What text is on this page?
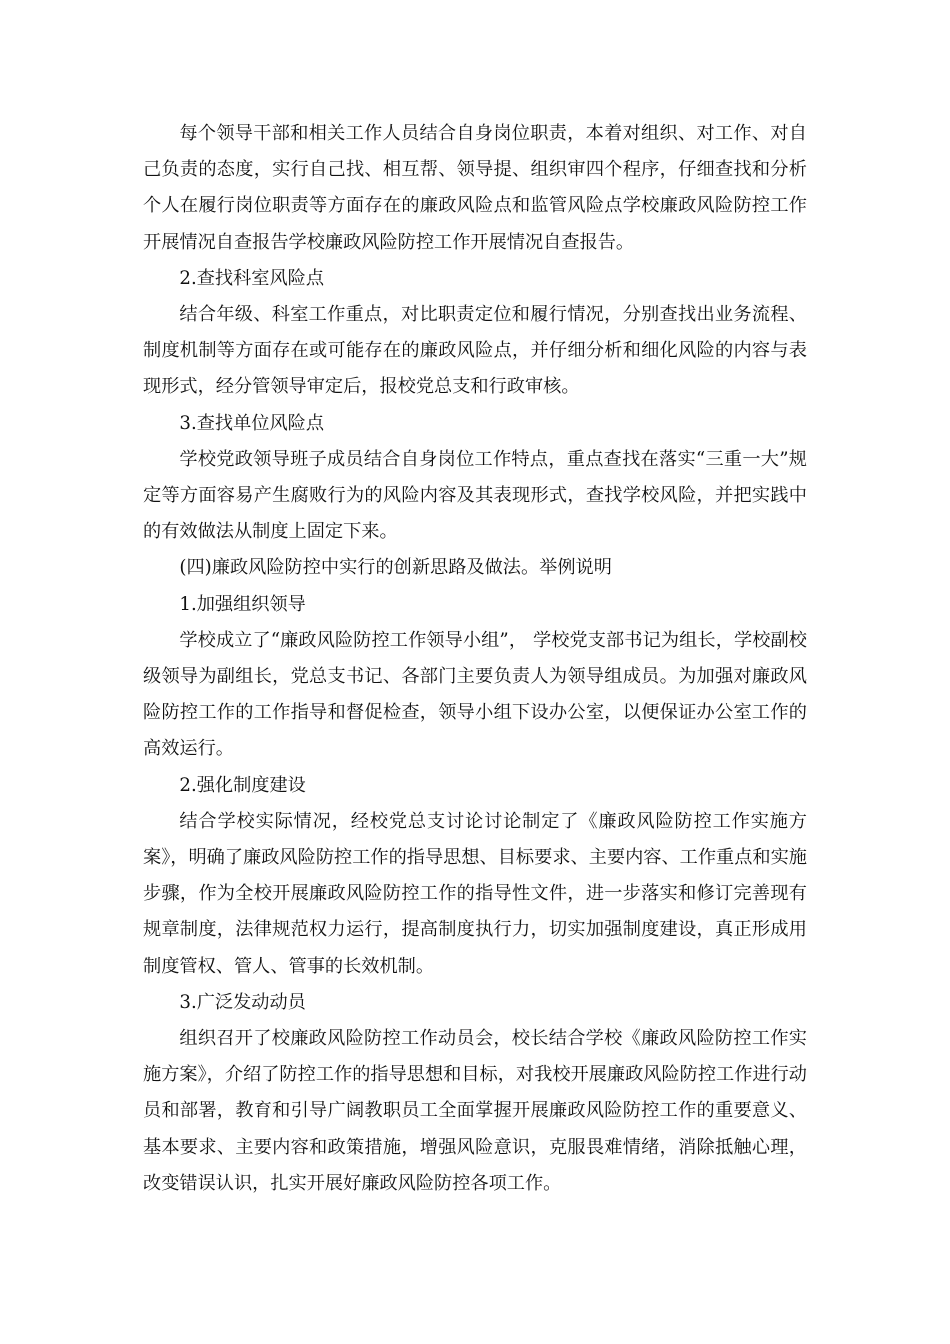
每个领导干部和相关工作人员结合自身岗位职责，本着对组织、对工作、对自己负责的态度，实行自己找、相互帮、领导提、组织审四个程序，仔细查找和分析个人在履行岗位职责等方面存在的廉政风险点和监管风险点学校廉政风险防控工作开展情况自查报告学校廉政风险防控工作开展情况自查报告。

2.查找科室风险点

结合年级、科室工作重点，对比职责定位和履行情况，分别查找出业务流程、制度机制等方面存在或可能存在的廉政风险点，并仔细分析和细化风险的内容与表现形式，经分管领导审定后，报校党总支和行政审核。

3.查找单位风险点

学校党政领导班子成员结合自身岗位工作特点，重点查找在落实“三重一大”规定等方面容易产生腐败行为的风险内容及其表现形式，查找学校风险，并把实践中的有效做法从制度上固定下来。

(四)廉政风险防控中实行的创新思路及做法。举例说明

1.加强组织领导

学校成立了“廉政风险防控工作领导小组”， 学校党支部书记为组长，学校副校级领导为副组长，党总支书记、各部门主要负责人为领导组成员。为加强对廉政风险防控工作的工作指导和督促检查，领导小组下设办公室，以便保证办公室工作的高效运行。

2.强化制度建设

结合学校实际情况，经校党总支讨论讨论制定了《廉政风险防控工作实施方案》，明确了廉政风险防控工作的指导思想、目标要求、主要内容、工作重点和实施步骤，作为全校开展廉政风险防控工作的指导性文件，进一步落实和修订完善现有规章制度，法律规范权力运行，提高制度执行力，切实加强制度建设，真正形成用制度管权、管人、管事的长效机制。

3.广泛发动动员

组织召开了校廉政风险防控工作动员会，校长结合学校《廉政风险防控工作实施方案》，介绍了防控工作的指导思想和目标，对我校开展廉政风险防控工作进行动员和部署，教育和引导广阔教职员工全面掌握开展廉政风险防控工作的重要意义、基本要求、主要内容和政策措施，增强风险意识，克服畏难情绪，消除抵触心理，改变错误认识，扎实开展好廉政风险防控各项工作。
